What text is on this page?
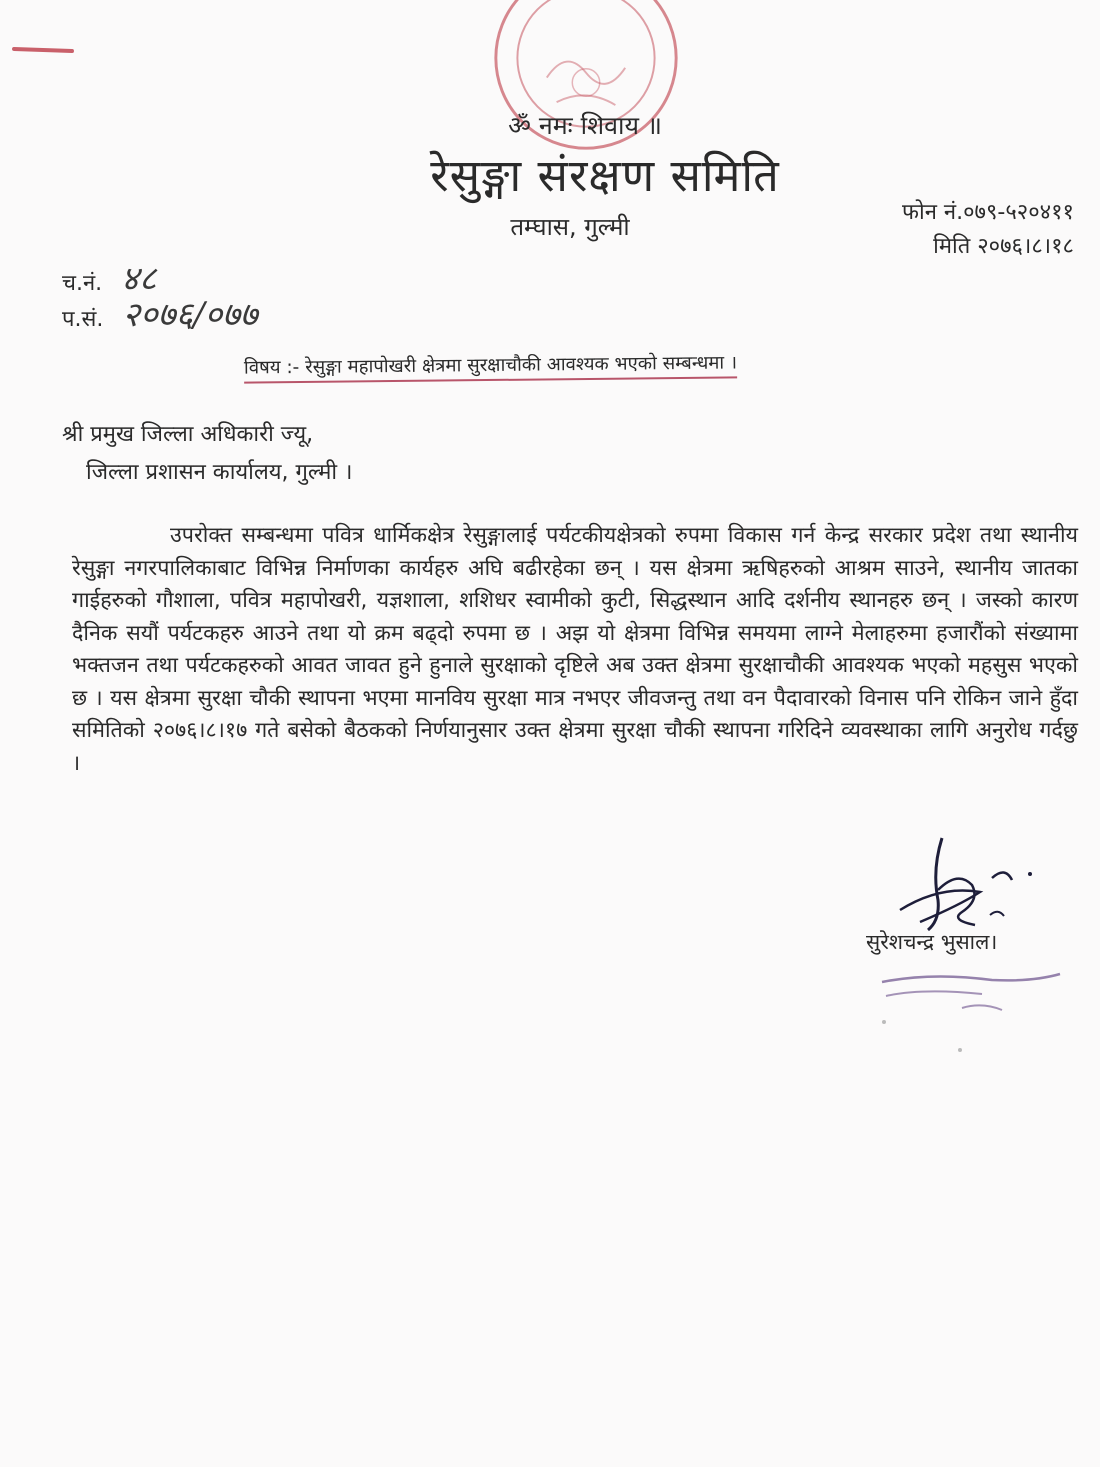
ॐ नमः शिवाय ॥
रेसुङ्गा संरक्षण समिति
तम्घास, गुल्मी
फोन नं.०७९-५२०४११
मिति २०७६।८।१८
च.नं. ४८
प.सं. २०७६/०७७
विषय :- रेसुङ्गा महापोखरी क्षेत्रमा सुरक्षाचौकी आवश्यक भएको सम्बन्धमा ।
श्री प्रमुख जिल्ला अधिकारी ज्यू,
जिल्ला प्रशासन कार्यालय, गुल्मी ।

उपरोक्त सम्बन्धमा पवित्र धार्मिकक्षेत्र रेसुङ्गालाई पर्यटकीयक्षेत्रको रुपमा विकास गर्न केन्द्र सरकार प्रदेश तथा स्थानीय रेसुङ्गा नगरपालिकाबाट विभिन्न निर्माणका कार्यहरु अघि बढीरहेका छन् । यस क्षेत्रमा ऋषिहरुको आश्रम साउने, स्थानीय जातका गाईहरुको गौशाला, पवित्र महापोखरी, यज्ञशाला, शशिधर स्वामीको कुटी, सिद्धस्थान आदि दर्शनीय स्थानहरु छन् । जस्को कारण दैनिक सयौं पर्यटकहरु आउने तथा यो क्रम बढ्दो रुपमा छ । अझ यो क्षेत्रमा विभिन्न समयमा लाग्ने मेलाहरुमा हजारौंको संख्यामा भक्तजन तथा पर्यटकहरुको आवत जावत हुने हुनाले सुरक्षाको दृष्टिले अब उक्त क्षेत्रमा सुरक्षाचौकी आवश्यक भएको महसुस भएको छ । यस क्षेत्रमा सुरक्षा चौकी स्थापना भएमा मानविय सुरक्षा मात्र नभएर जीवजन्तु तथा वन पैदावारको विनास पनि रोकिन जाने हुँदा समितिको २०७६।८।१७ गते बसेको बैठकको निर्णयानुसार उक्त क्षेत्रमा सुरक्षा चौकी स्थापना गरिदिने व्यवस्थाका लागि अनुरोध गर्दछु ।

सुरेशचन्द्र भुसाल।
